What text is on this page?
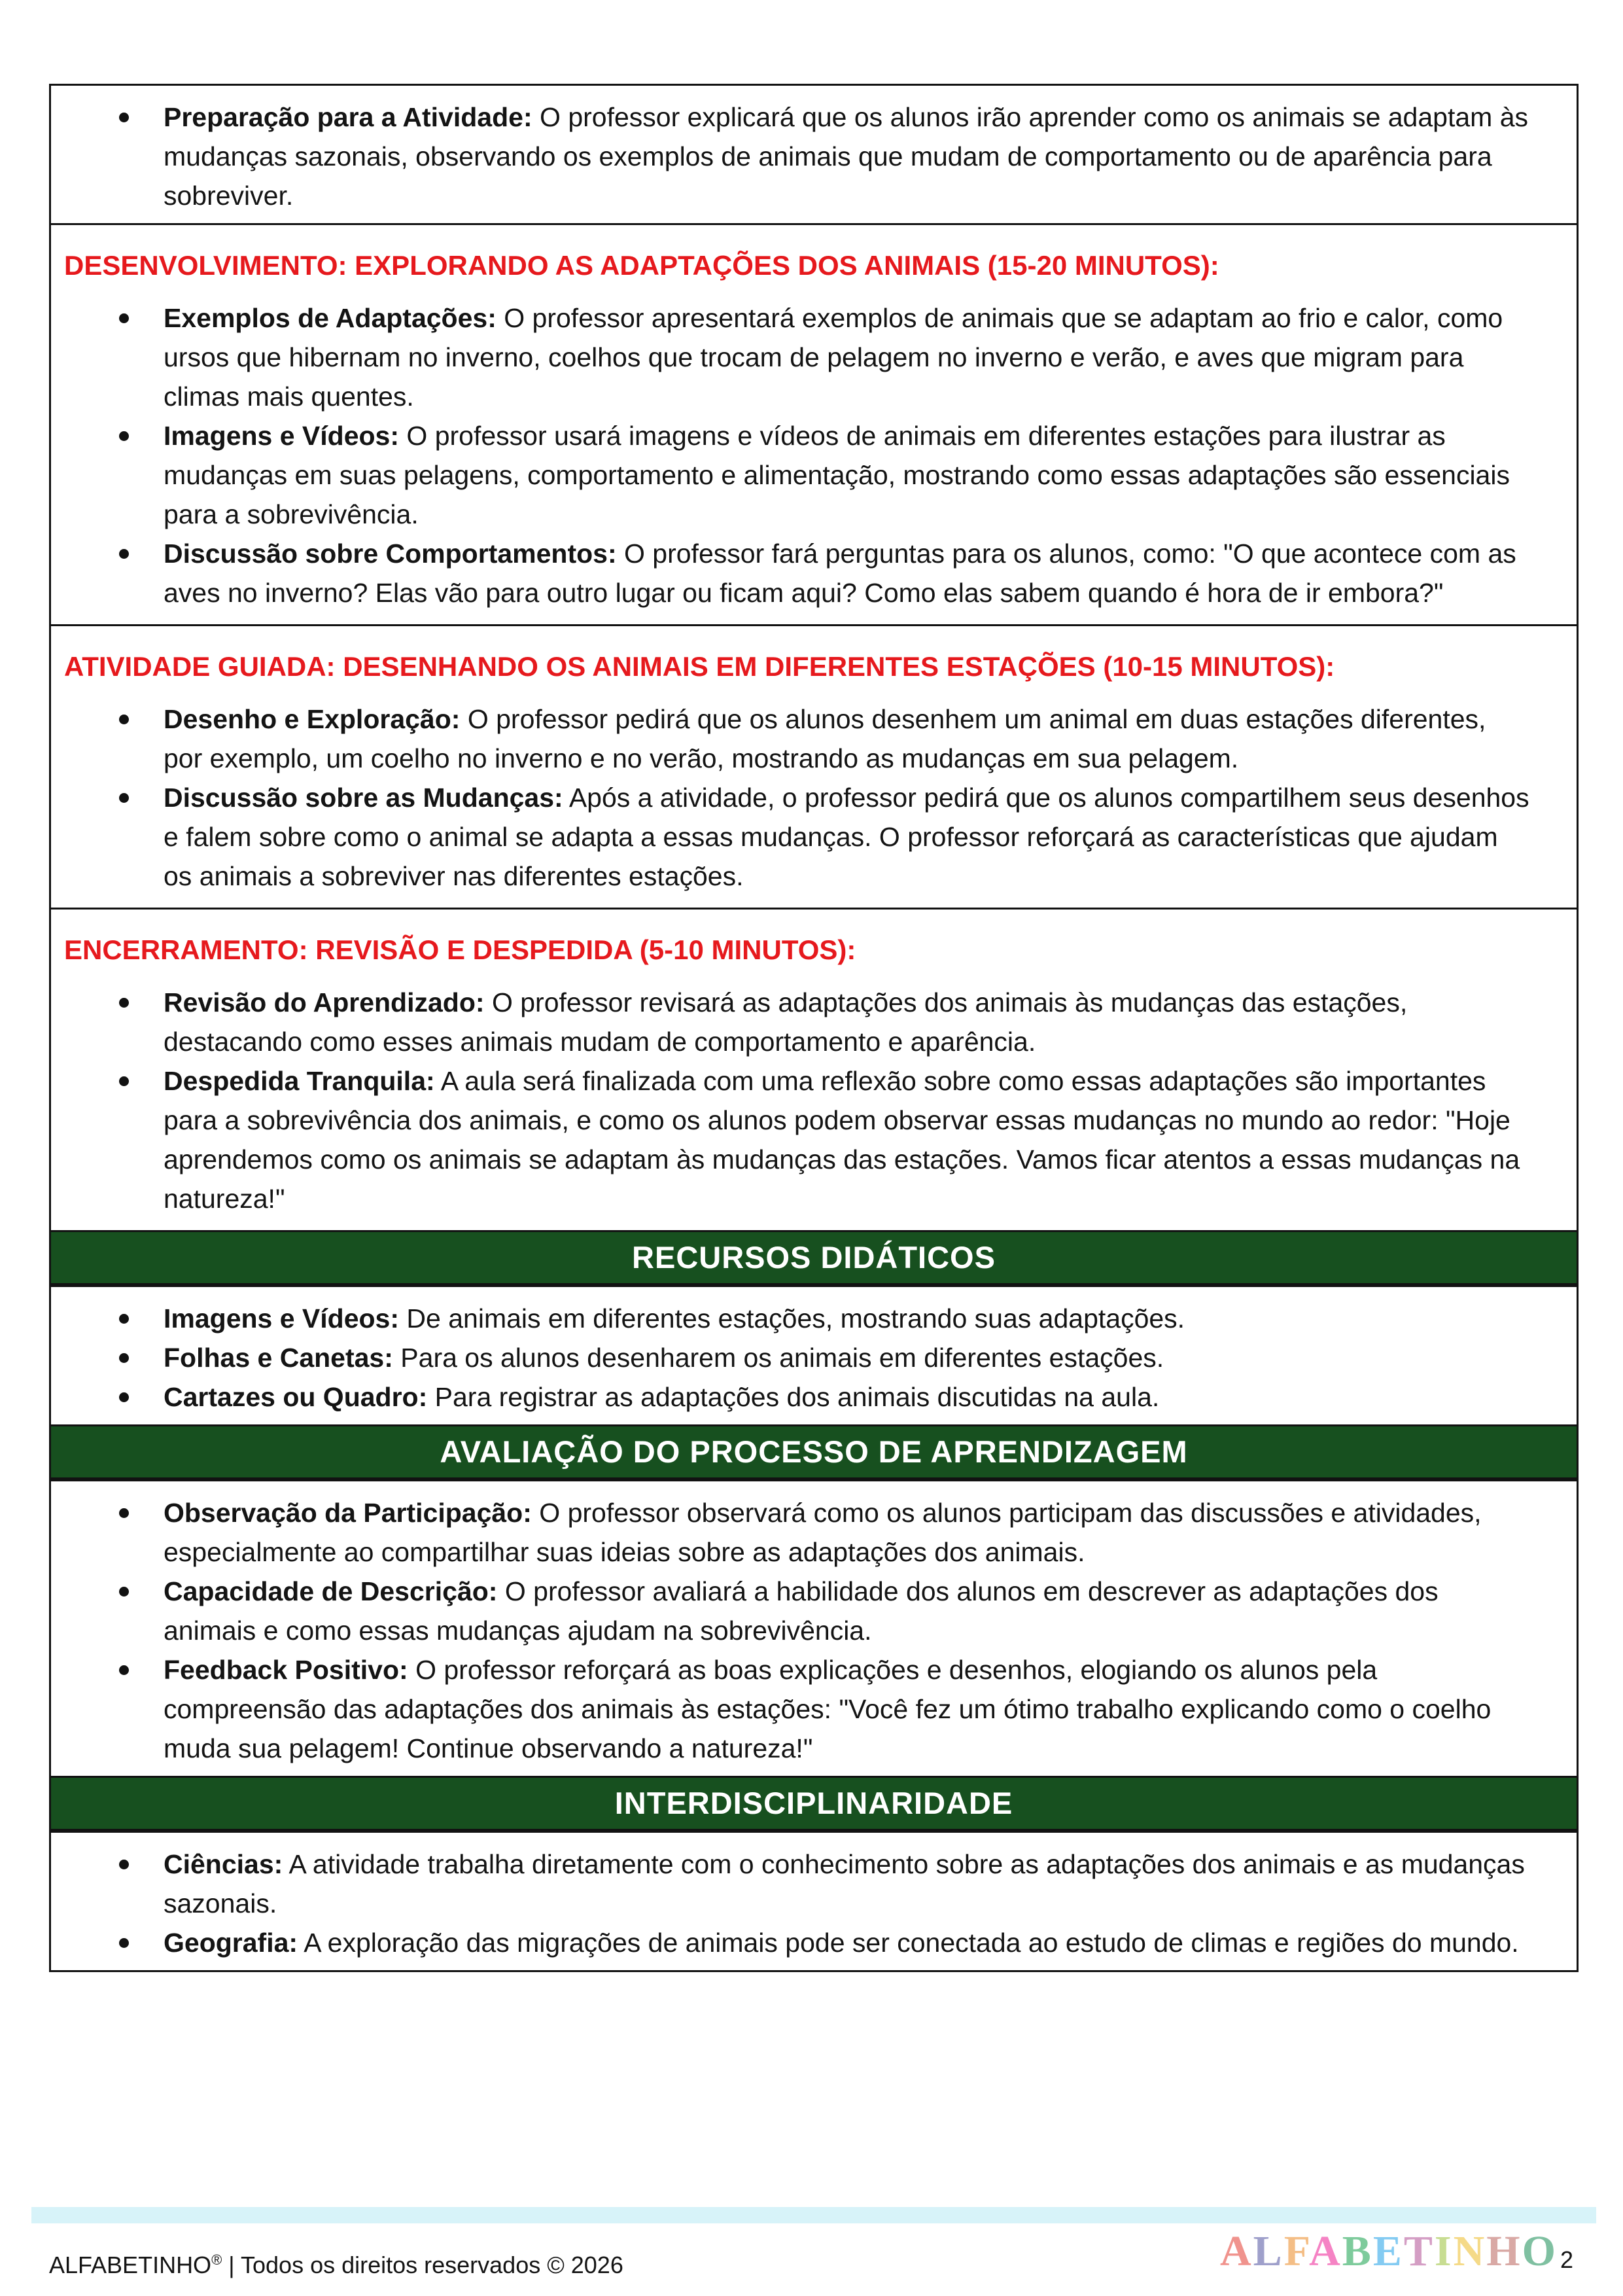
Preparação para a Atividade: O professor explicará que os alunos irão aprender como os animais se adaptam às mudanças sazonais, observando os exemplos de animais que mudam de comportamento ou de aparência para sobreviver.
DESENVOLVIMENTO: EXPLORANDO AS ADAPTAÇÕES DOS ANIMAIS (15-20 MINUTOS):
Exemplos de Adaptações: O professor apresentará exemplos de animais que se adaptam ao frio e calor, como ursos que hibernam no inverno, coelhos que trocam de pelagem no inverno e verão, e aves que migram para climas mais quentes.
Imagens e Vídeos: O professor usará imagens e vídeos de animais em diferentes estações para ilustrar as mudanças em suas pelagens, comportamento e alimentação, mostrando como essas adaptações são essenciais para a sobrevivência.
Discussão sobre Comportamentos: O professor fará perguntas para os alunos, como: "O que acontece com as aves no inverno? Elas vão para outro lugar ou ficam aqui? Como elas sabem quando é hora de ir embora?"
ATIVIDADE GUIADA: DESENHANDO OS ANIMAIS EM DIFERENTES ESTAÇÕES (10-15 MINUTOS):
Desenho e Exploração: O professor pedirá que os alunos desenhem um animal em duas estações diferentes, por exemplo, um coelho no inverno e no verão, mostrando as mudanças em sua pelagem.
Discussão sobre as Mudanças: Após a atividade, o professor pedirá que os alunos compartilhem seus desenhos e falem sobre como o animal se adapta a essas mudanças. O professor reforçará as características que ajudam os animais a sobreviver nas diferentes estações.
ENCERRAMENTO: REVISÃO E DESPEDIDA (5-10 MINUTOS):
Revisão do Aprendizado: O professor revisará as adaptações dos animais às mudanças das estações, destacando como esses animais mudam de comportamento e aparência.
Despedida Tranquila: A aula será finalizada com uma reflexão sobre como essas adaptações são importantes para a sobrevivência dos animais, e como os alunos podem observar essas mudanças no mundo ao redor: "Hoje aprendemos como os animais se adaptam às mudanças das estações. Vamos ficar atentos a essas mudanças na natureza!"
RECURSOS DIDÁTICOS
Imagens e Vídeos: De animais em diferentes estações, mostrando suas adaptações.
Folhas e Canetas: Para os alunos desenharem os animais em diferentes estações.
Cartazes ou Quadro: Para registrar as adaptações dos animais discutidas na aula.
AVALIAÇÃO DO PROCESSO DE APRENDIZAGEM
Observação da Participação: O professor observará como os alunos participam das discussões e atividades, especialmente ao compartilhar suas ideias sobre as adaptações dos animais.
Capacidade de Descrição: O professor avaliará a habilidade dos alunos em descrever as adaptações dos animais e como essas mudanças ajudam na sobrevivência.
Feedback Positivo: O professor reforçará as boas explicações e desenhos, elogiando os alunos pela compreensão das adaptações dos animais às estações: "Você fez um ótimo trabalho explicando como o coelho muda sua pelagem! Continue observando a natureza!"
INTERDISCIPLINARIDADE
Ciências: A atividade trabalha diretamente com o conhecimento sobre as adaptações dos animais e as mudanças sazonais.
Geografia: A exploração das migrações de animais pode ser conectada ao estudo de climas e regiões do mundo.
ALFABETINHO® | Todos os direitos reservados © 2026	ALFABETINHO 2
